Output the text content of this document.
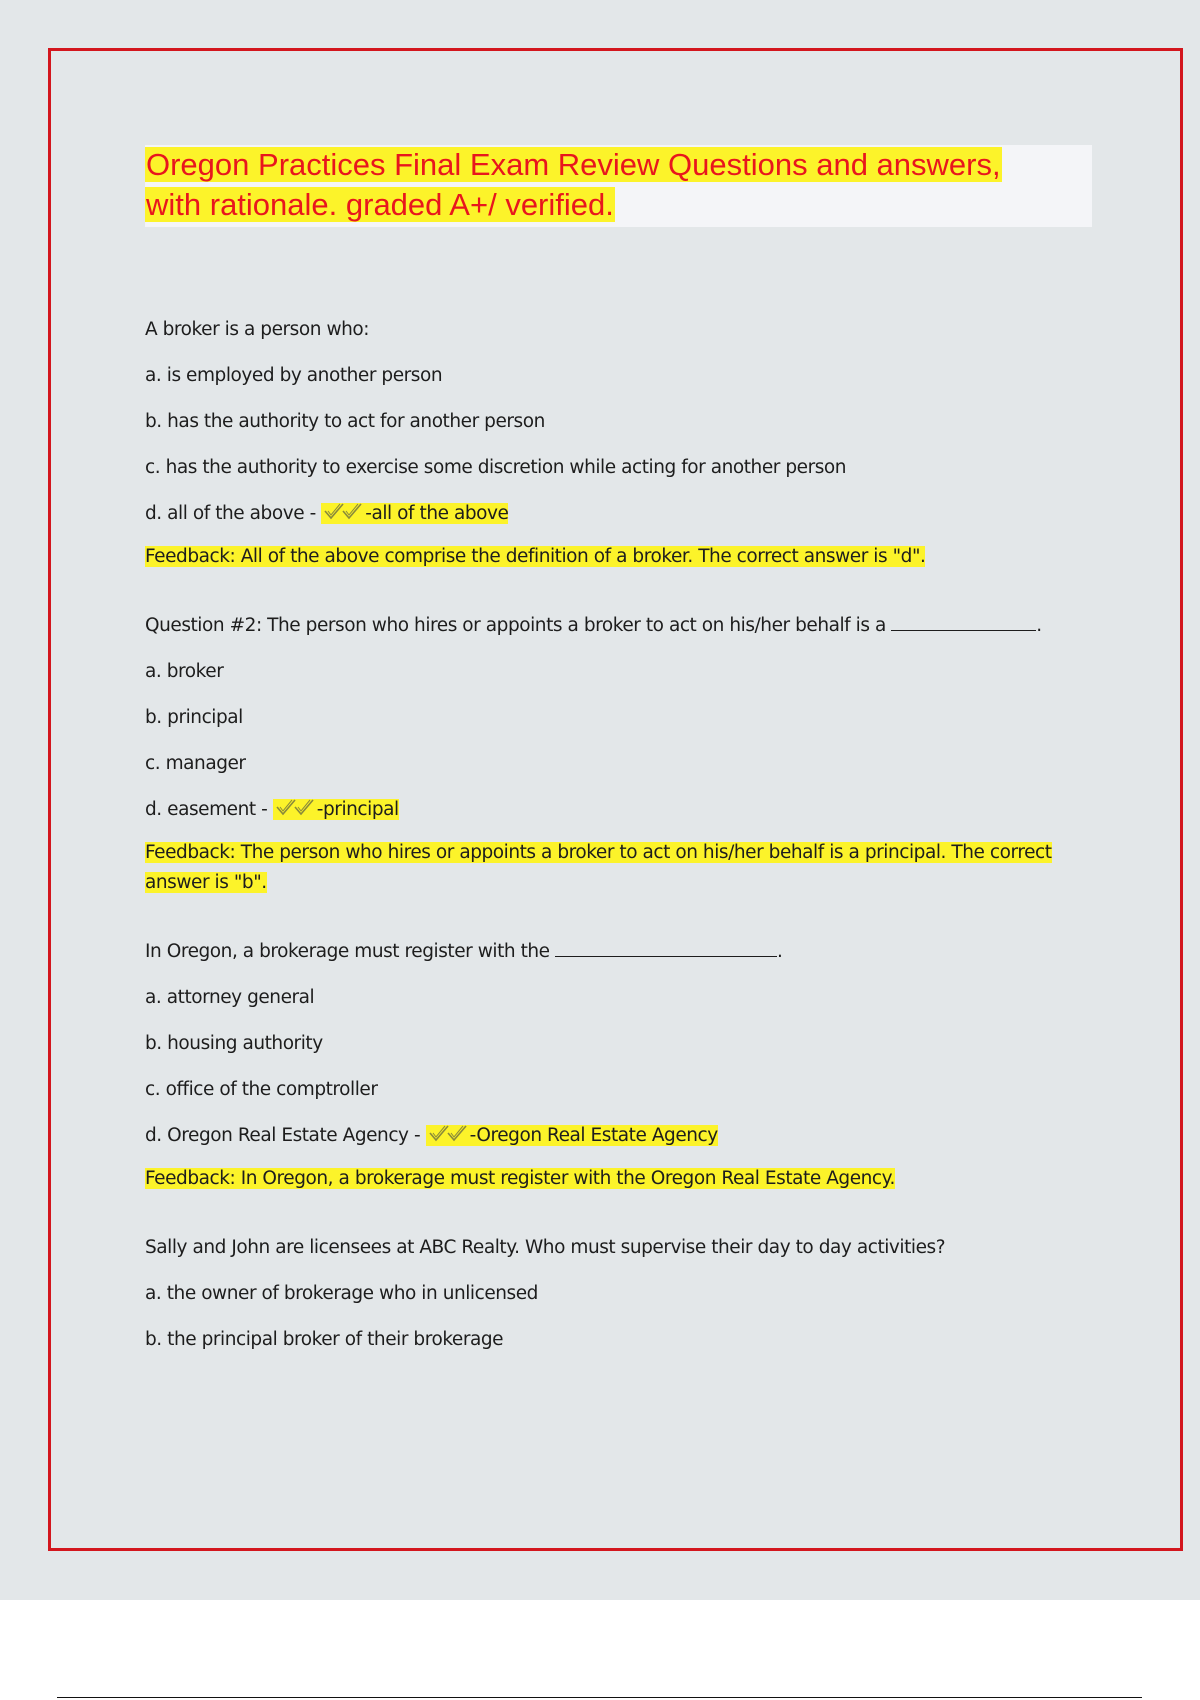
Oregon Practices Final Exam Review Questions and answers,
with rationale. graded A+/ verified.
A broker is a person who:
a. is employed by another person
b. has the authority to act for another person
c. has the authority to exercise some discretion while acting for another person
d. all of the above - -all of the above
Feedback: All of the above comprise the definition of a broker. The correct answer is "d".
Question #2: The person who hires or appoints a broker to act on his/her behalf is a	.
a. broker
b. principal
c. manager
d. easement - -principal
Feedback: The person who hires or appoints a broker to act on his/her behalf is a principal. The correct answer is "b".
In Oregon, a brokerage must register with the	.
a. attorney general
b. housing authority
c. office of the comptroller
d. Oregon Real Estate Agency - -Oregon Real Estate Agency
Feedback: In Oregon, a brokerage must register with the Oregon Real Estate Agency.
Sally and John are licensees at ABC Realty. Who must supervise their day to day activities?
a. the owner of brokerage who in unlicensed
b. the principal broker of their brokerage
